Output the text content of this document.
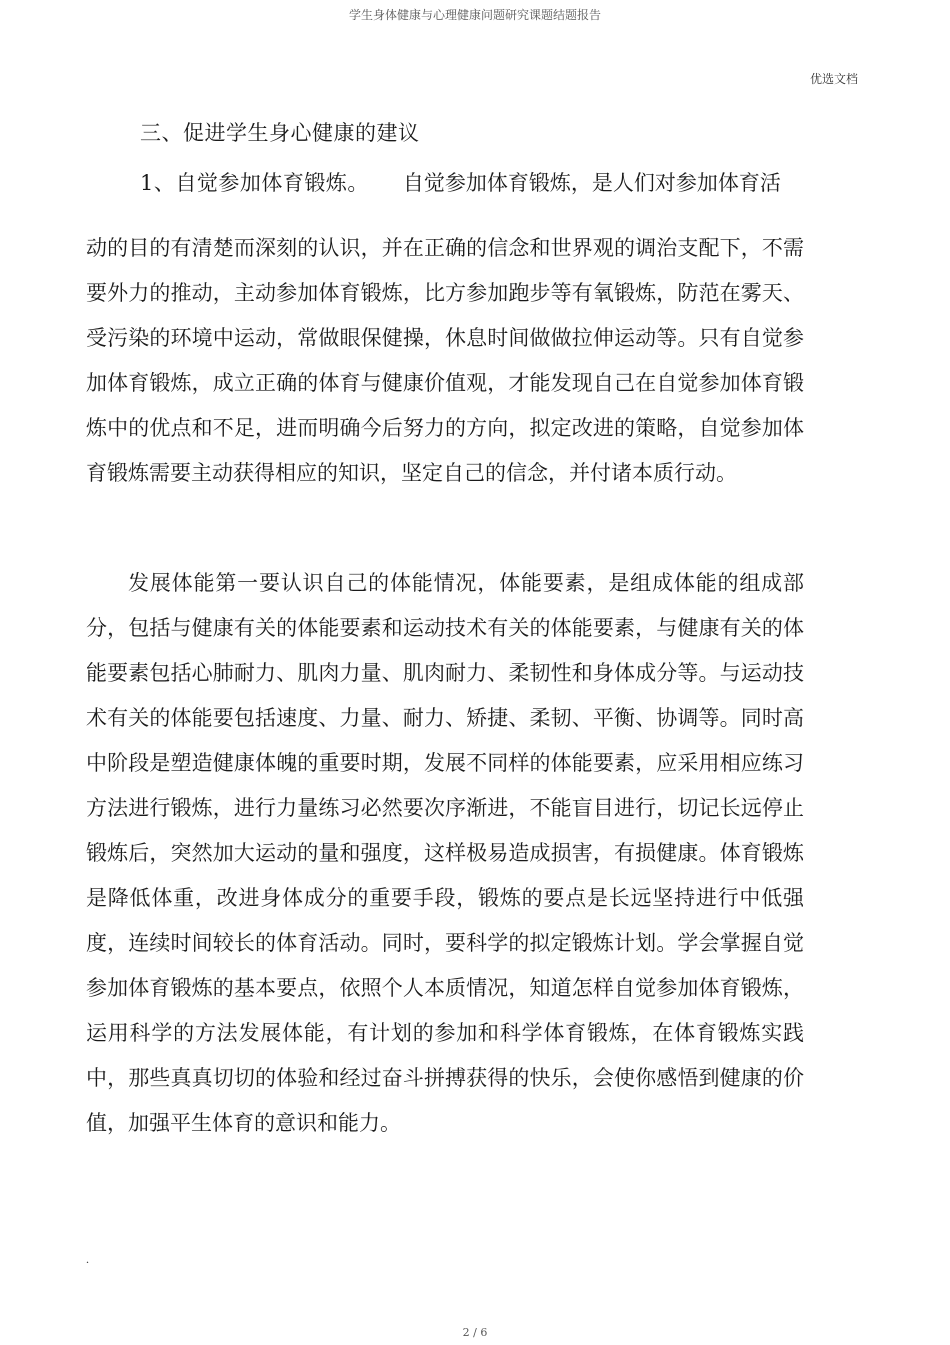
学生身体健康与心理健康问题研究课题结题报告
优选文档
三、促进学生身心健康的建议
1、自觉参加体育锻炼。 自觉参加体育锻炼，是人们对参加体育活
动的目的有清楚而深刻的认识，并在正确的信念和世界观的调治支配下，不需要外力的推动，主动参加体育锻炼，比方参加跑步等有氧锻炼，防范在雾天、受污染的环境中运动，常做眼保健操，休息时间做做拉伸运动等。只有自觉参加体育锻炼，成立正确的体育与健康价值观，才能发现自己在自觉参加体育锻炼中的优点和不足，进而明确今后努力的方向，拟定改进的策略，自觉参加体育锻炼需要主动获得相应的知识，坚定自己的信念，并付诸本质行动。
发展体能第一要认识自己的体能情况，体能要素，是组成体能的组成部分，包括与健康有关的体能要素和运动技术有关的体能要素，与健康有关的体能要素包括心肺耐力、肌肉力量、肌肉耐力、柔韧性和身体成分等。与运动技术有关的体能要包括速度、力量、耐力、矫捷、柔韧、平衡、协调等。同时高中阶段是塑造健康体魄的重要时期，发展不同样的体能要素，应采用相应练习方法进行锻炼，进行力量练习必然要次序渐进，不能盲目进行，切记长远停止锻炼后，突然加大运动的量和强度，这样极易造成损害，有损健康。体育锻炼是降低体重，改进身体成分的重要手段，锻炼的要点是长远坚持进行中低强度，连续时间较长的体育活动。同时，要科学的拟定锻炼计划。学会掌握自觉参加体育锻炼的基本要点，依照个人本质情况，知道怎样自觉参加体育锻炼，运用科学的方法发展体能，有计划的参加和科学体育锻炼，在体育锻炼实践中，那些真真切切的体验和经过奋斗拼搏获得的快乐，会使你感悟到健康的价值，加强平生体育的意识和能力。
.
2 / 6
